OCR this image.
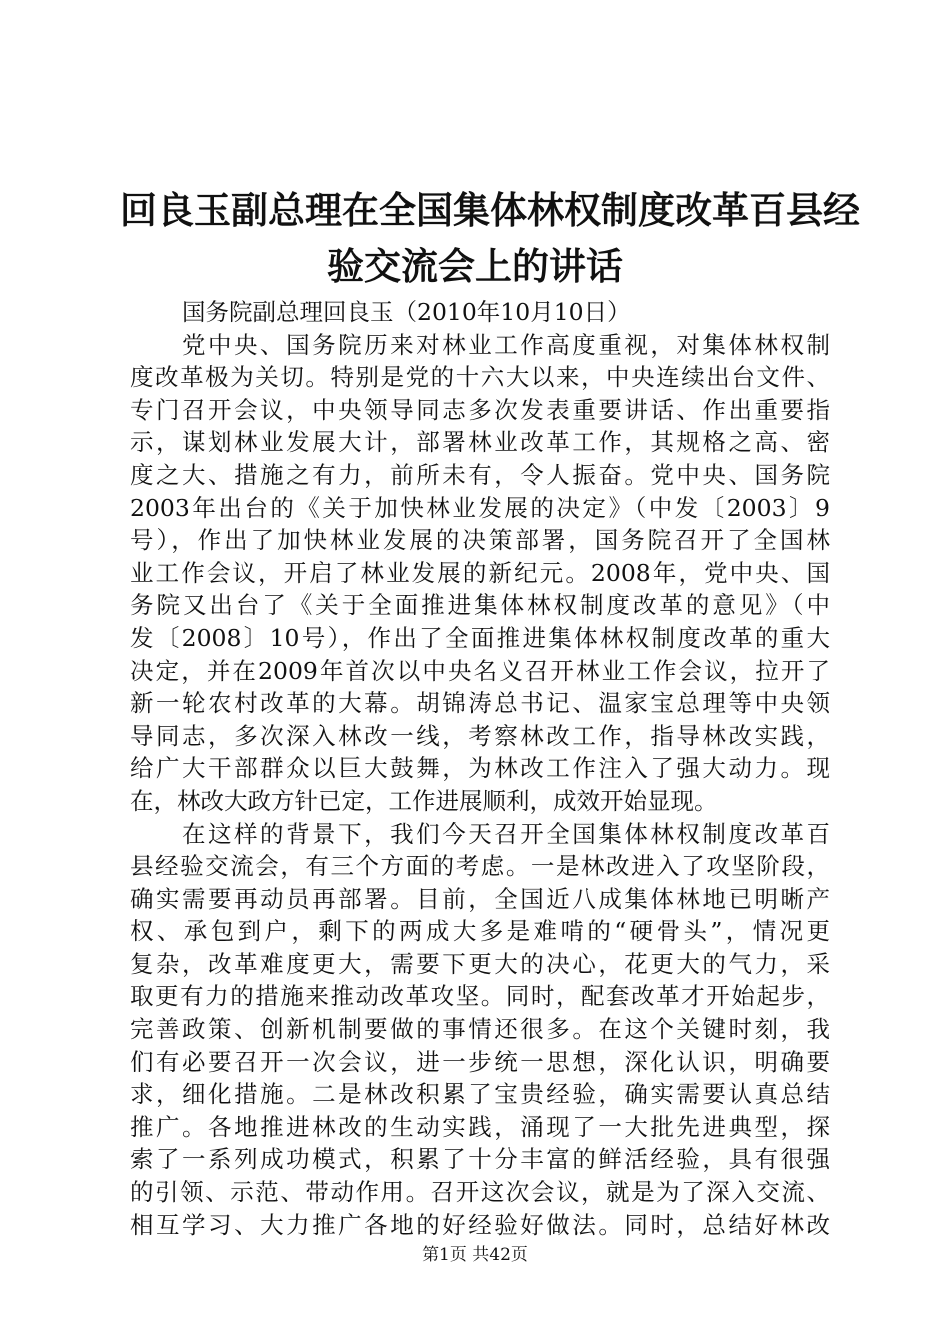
回良玉副总理在全国集体林权制度改革百县经
验交流会上的讲话
国务院副总理回良玉（2010年10月10日）
党中央、国务院历来对林业工作高度重视，对集体林权制
度改革极为关切。特别是党的十六大以来，中央连续出台文件、
专门召开会议，中央领导同志多次发表重要讲话、作出重要指
示，谋划林业发展大计，部署林业改革工作，其规格之高、密
度之大、措施之有力，前所未有，令人振奋。党中央、国务院
2003年出台的《关于加快林业发展的决定》（中发〔2003〕9
号），作出了加快林业发展的决策部署，国务院召开了全国林
业工作会议，开启了林业发展的新纪元。2008年，党中央、国
务院又出台了《关于全面推进集体林权制度改革的意见》（中
发〔2008〕10号），作出了全面推进集体林权制度改革的重大
决定，并在2009年首次以中央名义召开林业工作会议，拉开了
新一轮农村改革的大幕。胡锦涛总书记、温家宝总理等中央领
导同志，多次深入林改一线，考察林改工作，指导林改实践，
给广大干部群众以巨大鼓舞，为林改工作注入了强大动力。现
在，林改大政方针已定，工作进展顺利，成效开始显现。
在这样的背景下，我们今天召开全国集体林权制度改革百
县经验交流会，有三个方面的考虑。一是林改进入了攻坚阶段，
确实需要再动员再部署。目前，全国近八成集体林地已明晰产
权、承包到户，剩下的两成大多是难啃的“硬骨头”，情况更
复杂，改革难度更大，需要下更大的决心，花更大的气力，采
取更有力的措施来推动改革攻坚。同时，配套改革才开始起步，
完善政策、创新机制要做的事情还很多。在这个关键时刻，我
们有必要召开一次会议，进一步统一思想，深化认识，明确要
求，细化措施。二是林改积累了宝贵经验，确实需要认真总结
推广。各地推进林改的生动实践，涌现了一大批先进典型，探
索了一系列成功模式，积累了十分丰富的鲜活经验，具有很强
的引领、示范、带动作用。召开这次会议，就是为了深入交流、
相互学习、大力推广各地的好经验好做法。同时，总结好林改
第1页 共42页
